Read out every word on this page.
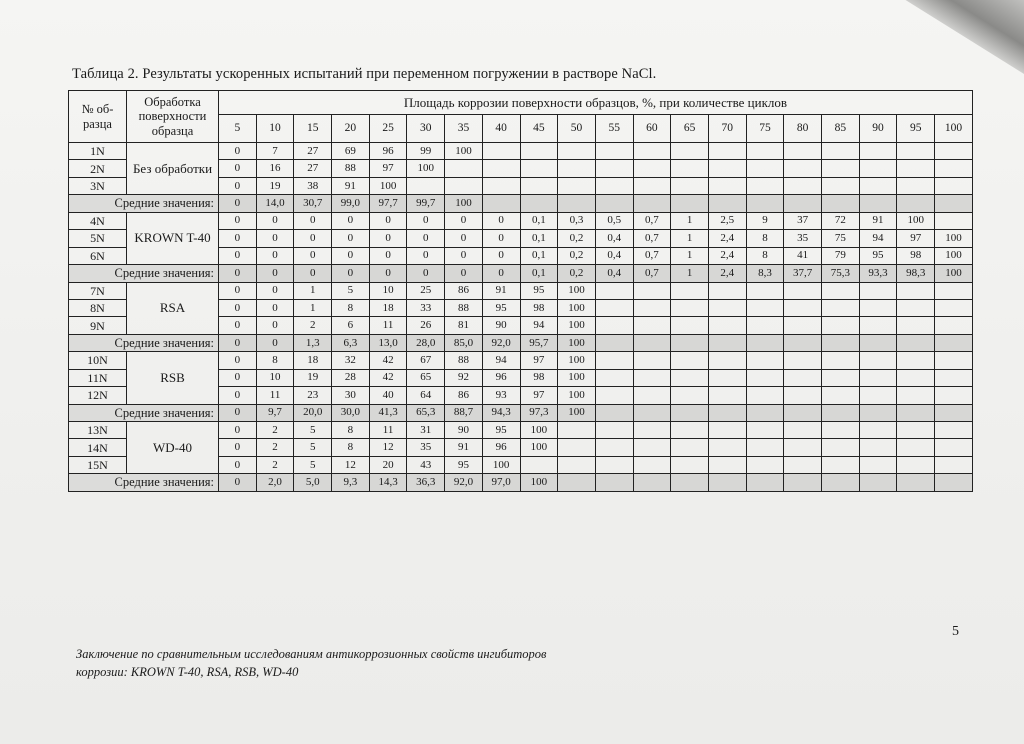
Таблица 2. Результаты ускоренных испытаний при переменном погружении в растворе NaCl.
№ об-разца	Обработка поверхности образца	Площадь коррозии поверхности образцов, %, при количестве циклов																			
		5	10	15	20	25	30	35	40	45	50	55	60	65	70	75	80	85	90	95	100
1N	Без обработки	0	7	27	69	96	99	100													
2N		0	16	27	88	97	100														
3N		0	19	38	91	100															
Средние значения:		0	14,0	30,7	99,0	97,7	99,7	100													
4N	KROWN T-40	0	0	0	0	0	0	0	0	0,1	0,3	0,5	0,7	1	2,5	9	37	72	91	100	
5N		0	0	0	0	0	0	0	0	0,1	0,2	0,4	0,7	1	2,4	8	35	75	94	97	100
6N		0	0	0	0	0	0	0	0	0,1	0,2	0,4	0,7	1	2,4	8	41	79	95	98	100
Средние значения:		0	0	0	0	0	0	0	0	0,1	0,2	0,4	0,7	1	2,4	8,3	37,7	75,3	93,3	98,3	100
7N	RSA	0	0	1	5	10	25	86	91	95	100										
8N		0	0	1	8	18	33	88	95	98	100										
9N		0	0	2	6	11	26	81	90	94	100										
Средние значения:		0	0	1,3	6,3	13,0	28,0	85,0	92,0	95,7	100										
10N	RSB	0	8	18	32	42	67	88	94	97	100										
11N		0	10	19	28	42	65	92	96	98	100										
12N		0	11	23	30	40	64	86	93	97	100										
Средние значения:		0	9,7	20,0	30,0	41,3	65,3	88,7	94,3	97,3	100										
13N	WD-40	0	2	5	8	11	31	90	95	100											
14N		0	2	5	8	12	35	91	96	100											
15N		0	2	5	12	20	43	95	100												
Средние значения:		0	2,0	5,0	9,3	14,3	36,3	92,0	97,0	100											
5
Заключение по сравнительным исследованиям антикоррозионных свойств ингибиторов
коррозии: KROWN T-40, RSA, RSB, WD-40
